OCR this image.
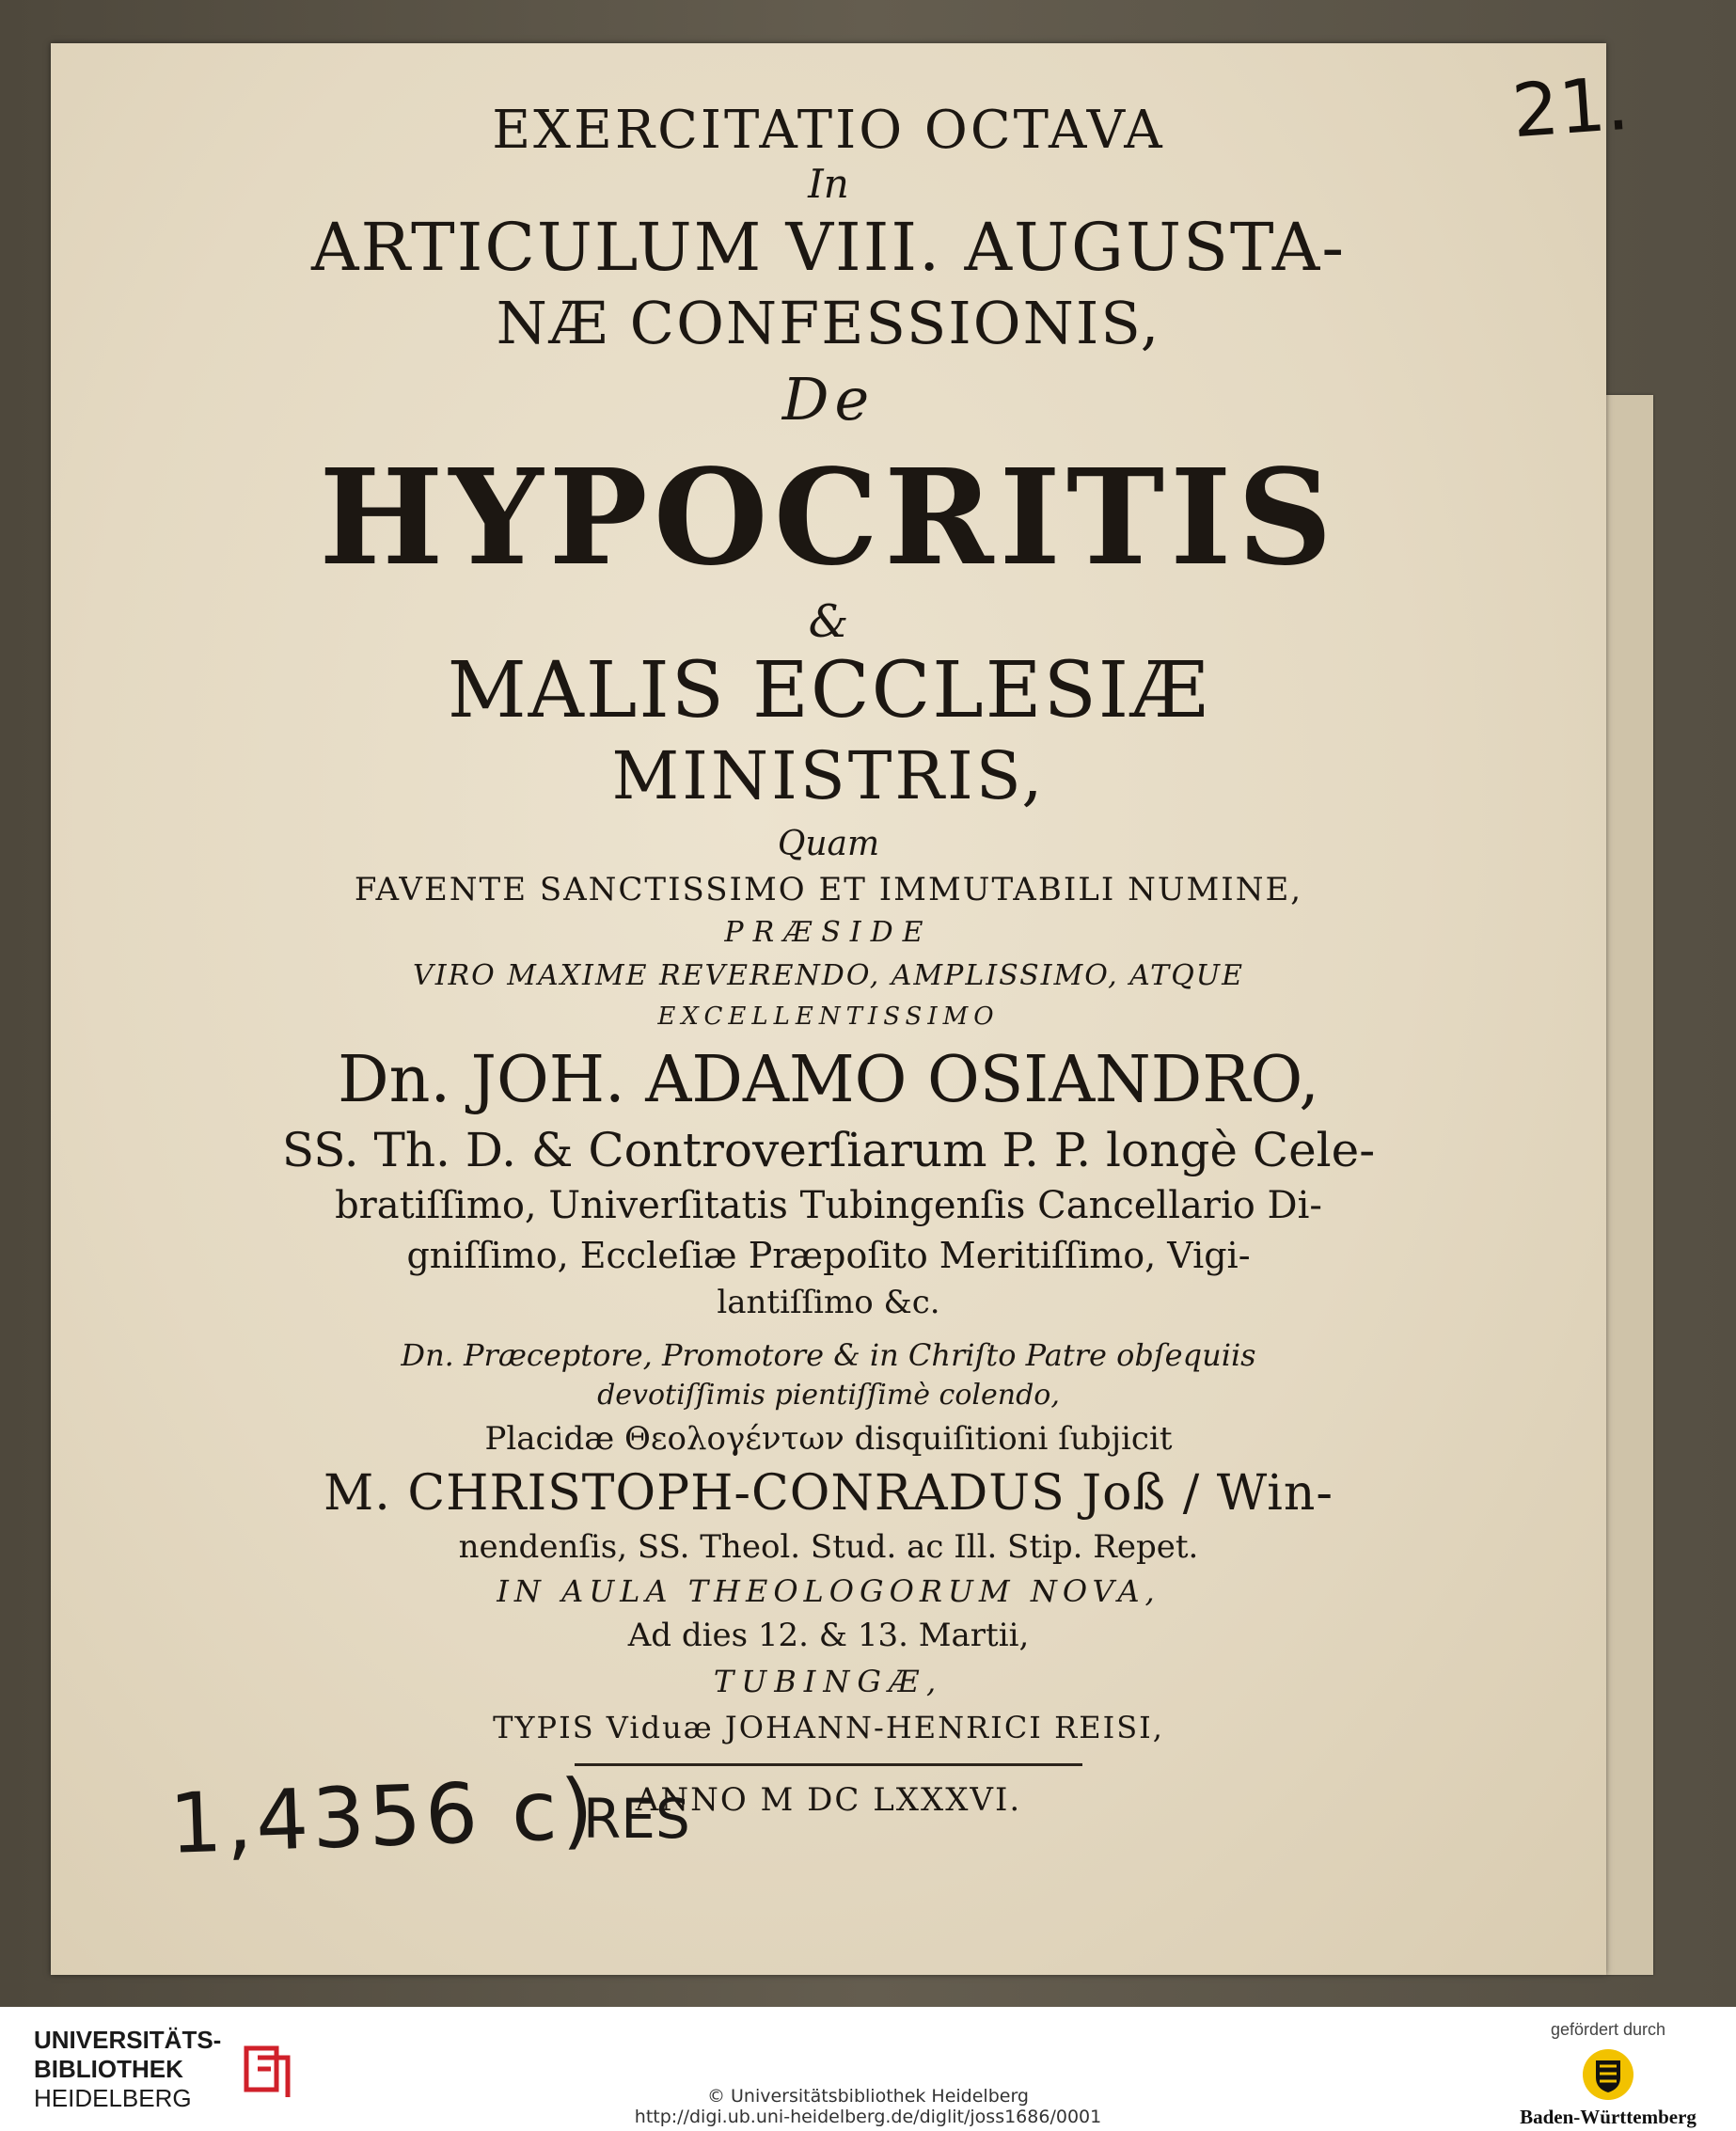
EXERCITATIO OCTAVA
In
ARTICULUM VIII. AUGUSTA-
NÆ CONFESSIONIS,
De
HYPOCRITIS
&
MALIS ECCLESIÆ
MINISTRIS,
Quam
FAVENTE SANCTISSIMO ET IMMUTABILI NUMINE,
PRÆSIDE
VIRO MAXIME REVERENDO, AMPLISSIMO, ATQUE
EXCELLENTISSIMO
Dn. JOH. ADAMO OSIANDRO,
SS. Th. D. & Controverſiarum P. P. longè Cele-
bratiſſimo, Univerſitatis Tubingenſis Cancellario Di-
gniſſimo, Eccleſiæ Præpoſito Meritiſſimo, Vigi-
lantiſſimo &c.
Dn. Præceptore, Promotore & in Chriſto Patre obſequiis
devotiſſimis pientiſſimè colendo,
Placidæ Θεολογέντων disquiſitioni ſubjicit
M. CHRISTOPH-CONRADUS Joß / Win-
nendenſis, SS. Theol. Stud. ac Ill. Stip. Repet.
IN AULA THEOLOGORUM NOVA,
Ad dies 12. & 13. Martii,
TUBINGÆ,
TYPIS Viduæ JOHANN-HENRICI REISI,
ANNO M DC LXXXVI.
21.
1,4356 c)
RES
UNIVERSITÄTS-
BIBLIOTHEK
HEIDELBERG	© Universitätsbibliothek Heidelberg
http://digi.ub.uni-heidelberg.de/diglit/joss1686/0001
gefördert durch
Baden-Württemberg
